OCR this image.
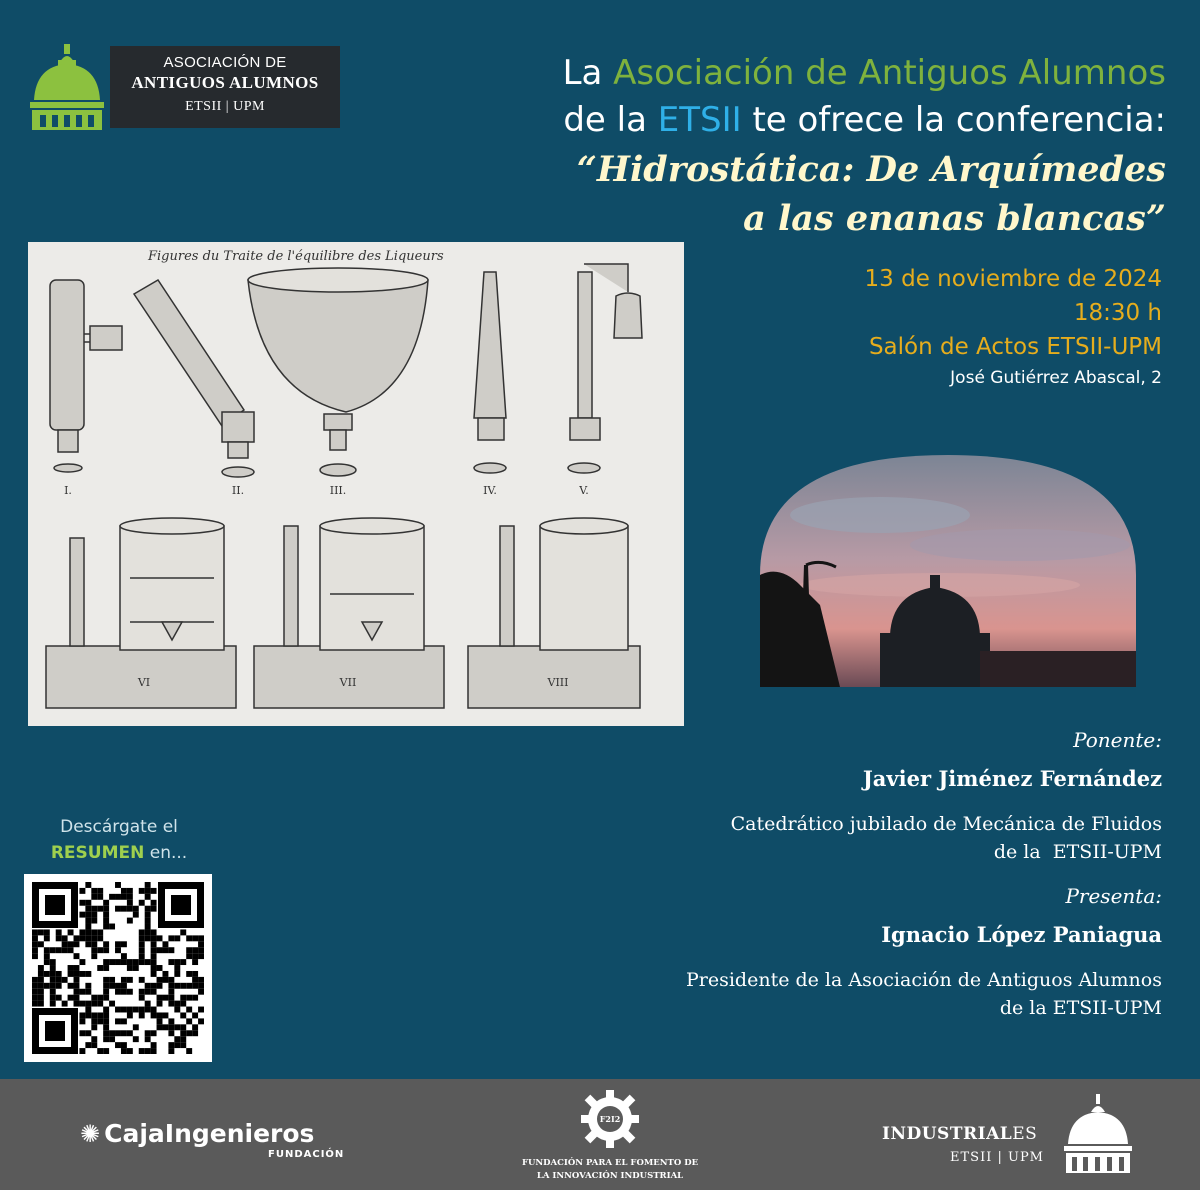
ASOCIACIÓN DE
ANTIGUOS ALUMNOS
ETSII | UPM
La Asociación de Antiguos Alumnos
de la ETSII te ofrece la conferencia:
“Hidrostática: De Arquímedes
a las enanas blancas”
13 de noviembre de 2024
18:30 h
Salón de Actos ETSII-UPM
José Gutiérrez Abascal, 2
Figures du Traite de l'équilibre des Liqueurs
I.	II.	III.	IV.	V.
VI	VII	VIII
Ponente:
Javier Jiménez Fernández
Catedrático jubilado de Mecánica de Fluidos
de la  ETSII-UPM
Presenta:
Ignacio López Paniagua
Presidente de la Asociación de Antiguos Alumnos
de la ETSII-UPM
Descárgate el
RESUMEN en...
✺ CajaIngenieros
FUNDACIÓN
F2I2
FUNDACIÓN PARA EL FOMENTO DE
LA INNOVACIÓN INDUSTRIAL
INDUSTRIALES
ETSII | UPM
